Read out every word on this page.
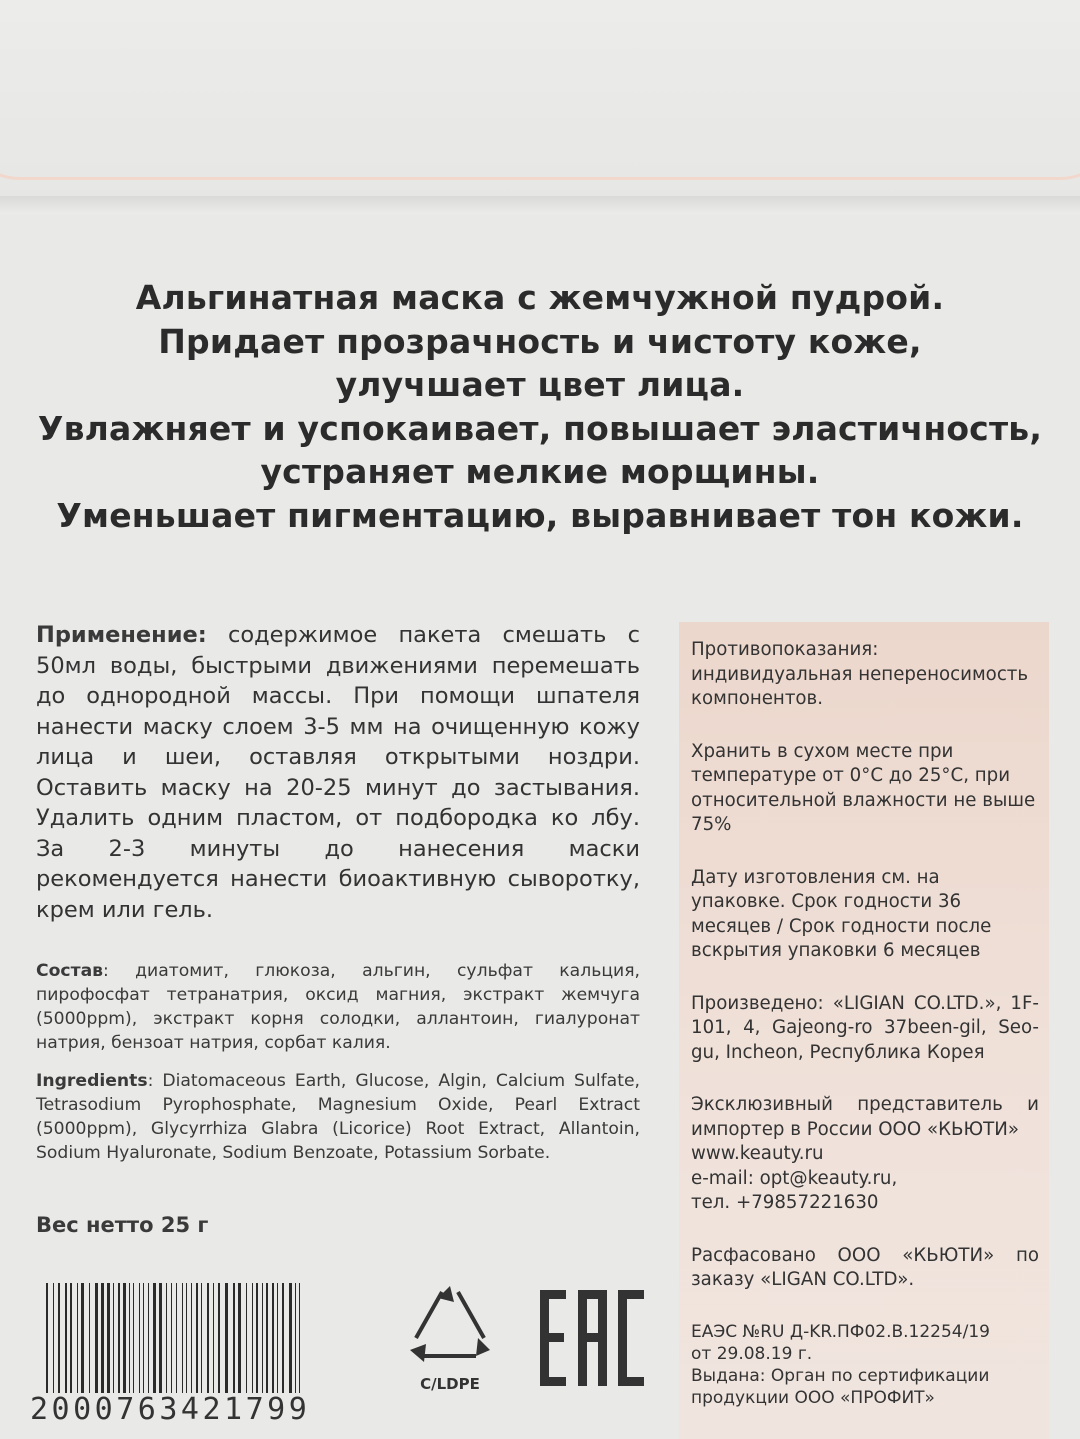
Альгинатная маска с жемчужной пудрой.
Придает прозрачность и чистоту коже,
улучшает цвет лица.
Увлажняет и успокаивает, повышает эластичность,
устраняет мелкие морщины.
Уменьшает пигментацию, выравнивает тон кожи.
Применение: содержимое пакета смешать с 50мл воды, быстрыми движениями перемешать до однородной массы. При помощи шпателя нанести маску слоем 3-5 мм на очищенную кожу лица и шеи, оставляя открытыми ноздри. Оставить маску на 20-25 минут до застывания. Удалить одним пластом, от подбородка ко лбу. За 2-3 минуты до нанесения маски рекомендуется нанести биоактивную сыворотку, крем или гель.
Состав: диатомит, глюкоза, альгин, сульфат кальция, пирофосфат тетранатрия, оксид магния, экстракт жемчуга (5000ppm), экстракт корня солодки, аллантоин, гиалуронат натрия, бензоат натрия, сорбат калия.
Ingredients: Diatomaceous Earth, Glucose, Algin, Calcium Sulfate, Tetrasodium Pyrophosphate, Magnesium Oxide, Pearl Extract (5000ppm), Glycyrrhiza Glabra (Licorice) Root Extract, Allantoin, Sodium Hyaluronate, Sodium Benzoate, Potassium Sorbate.
Вес нетто 25 г

Противопоказания: индивидуальная непереносимость компонентов.

Хранить в сухом месте при температуре от 0°С до 25°С, при относительной влажности не выше 75%

Дату изготовления см. на упаковке. Срок годности 36 месяцев / Срок годности после вскрытия упаковки 6 месяцев

Произведено: «LIGIAN CO.LTD.», 1F-101, 4, Gajeong-ro 37been-gil, Seo-gu, Incheon, Республика Корея

Эксклюзивный представитель и импортер в России ООО «КЬЮТИ»
www.keauty.ru
e-mail: opt@keauty.ru,
тел. +79857221630

Расфасовано ООО «КЬЮТИ» по заказу «LIGAN CO.LTD».

ЕАЭС №RU Д-KR.ПФ02.В.12254/19
от 29.08.19 г.
Выдана: Орган по сертификации продукции ООО «ПРОФИТ»

2000763421799
C/LDPE
